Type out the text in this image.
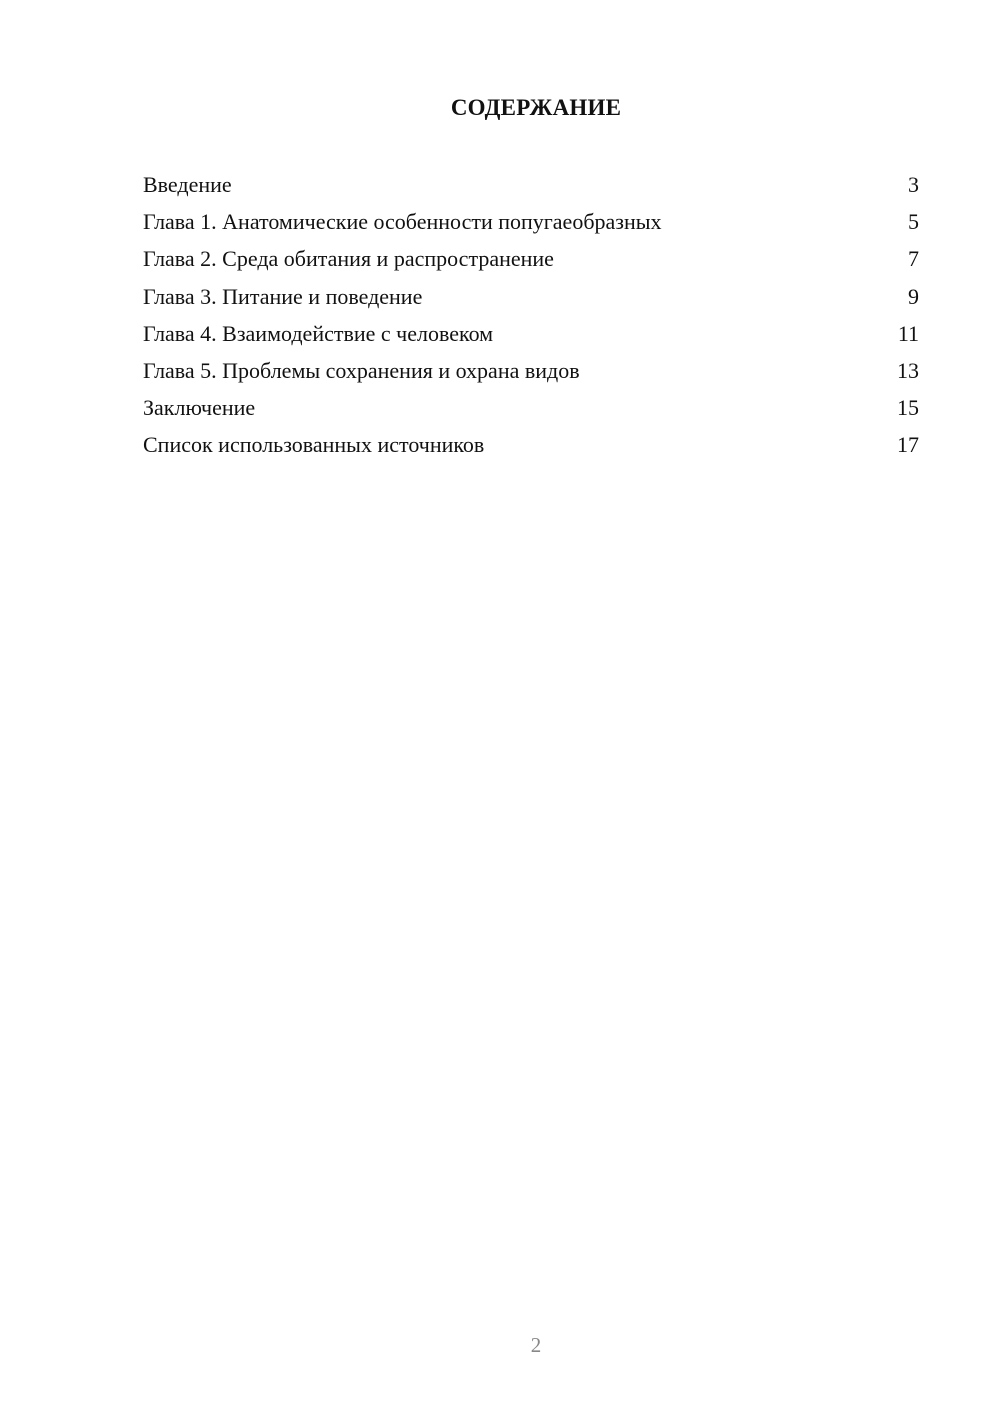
СОДЕРЖАНИЕ
Введение	3
Глава 1. Анатомические особенности попугаеобразных	5
Глава 2. Среда обитания и распространение	7
Глава 3. Питание и поведение	9
Глава 4. Взаимодействие с человеком	11
Глава 5. Проблемы сохранения и охрана видов	13
Заключение	15
Список использованных источников	17
2
